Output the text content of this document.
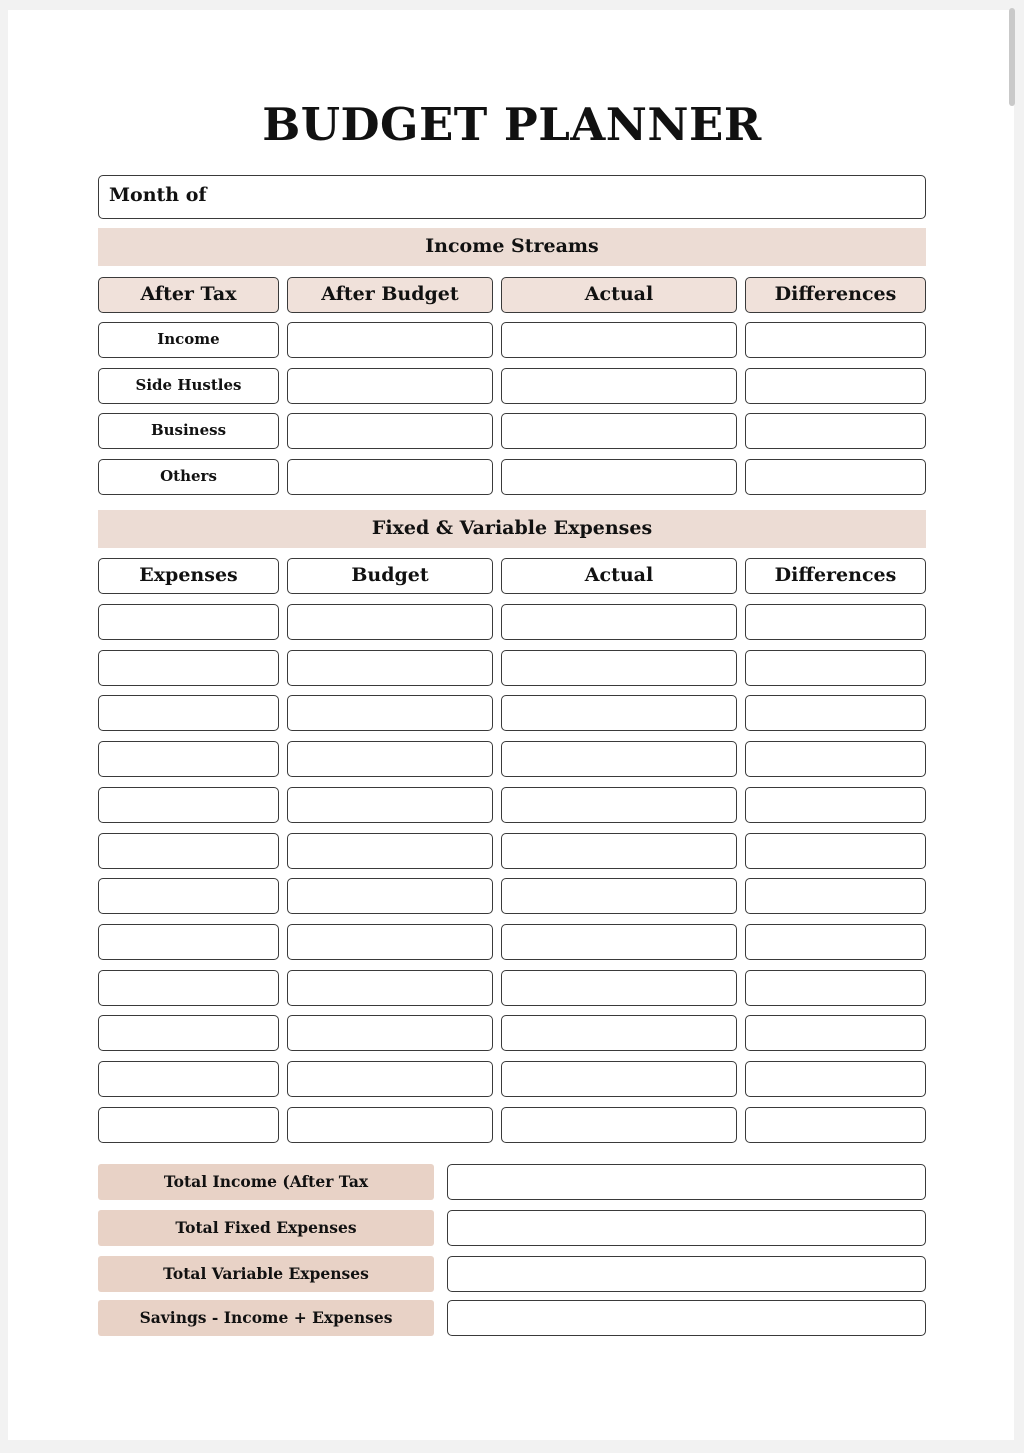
BUDGET PLANNER
Month of
Income Streams
After Tax	After Budget	Actual	Differences
Income
Side Hustles
Business
Others
Fixed & Variable Expenses
Expenses	Budget	Actual	Differences
Total Income (After Tax
Total Fixed Expenses
Total Variable Expenses
Savings - Income + Expenses
